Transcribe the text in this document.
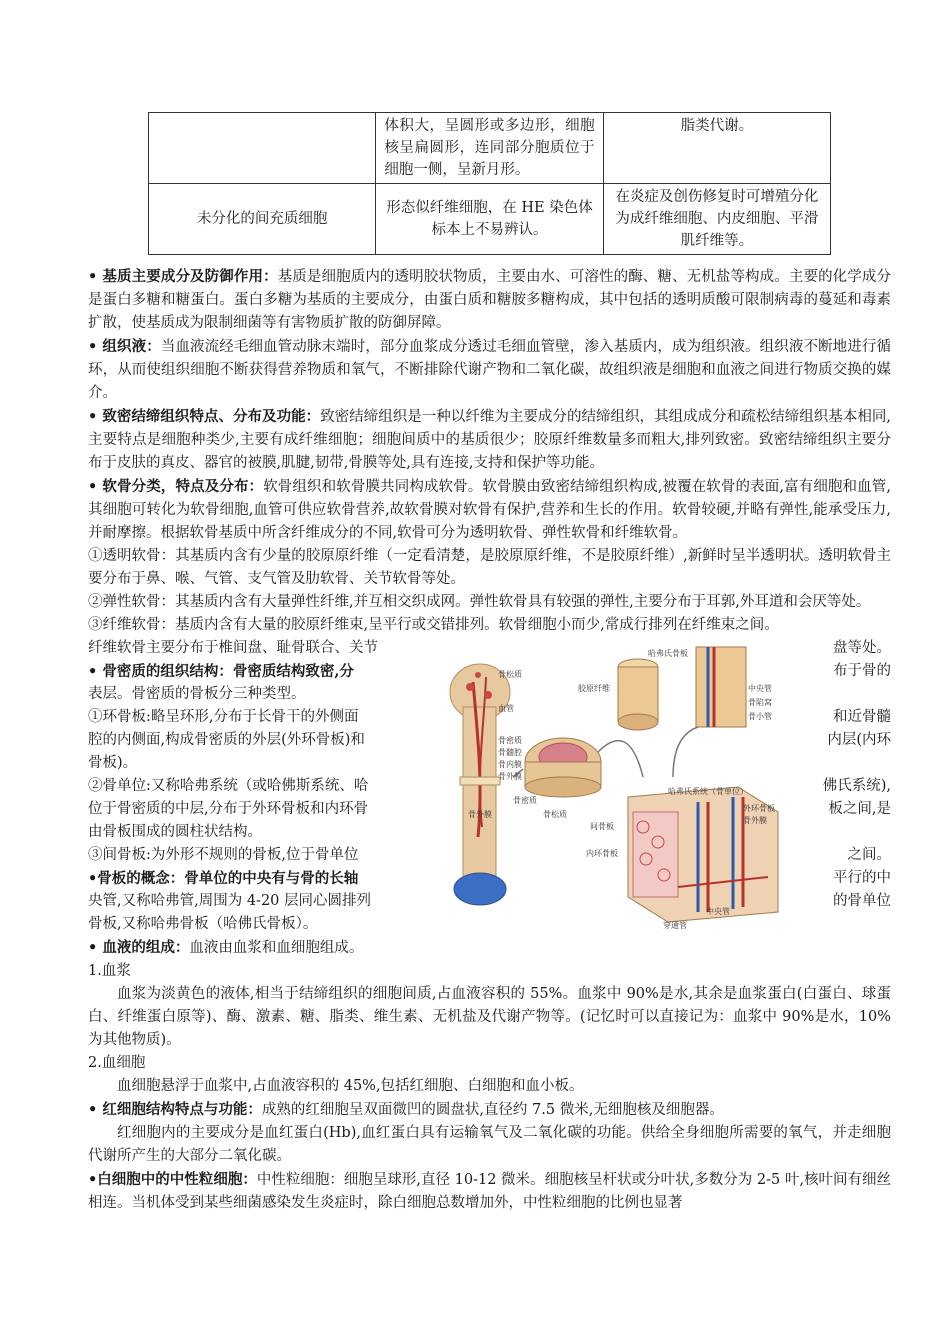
	体积大，呈圆形或多边形，细胞核呈扁圆形，连同部分胞质位于细胞一侧，呈新月形。	脂类代谢。
未分化的间充质细胞	形态似纤维细胞，在 HE 染色体标本上不易辨认。	在炎症及创伤修复时可增殖分化为成纤维细胞、内皮细胞、平滑肌纤维等。

• 基质主要成分及防御作用：基质是细胞质内的透明胶状物质，主要由水、可溶性的酶、糖、无机盐等构成。主要的化学成分是蛋白多糖和糖蛋白。蛋白多糖为基质的主要成分，由蛋白质和糖胺多糖构成，其中包括的透明质酸可限制病毒的蔓延和毒素扩散，使基质成为限制细菌等有害物质扩散的防御屏障。

• 组织液：当血液流经毛细血管动脉末端时，部分血浆成分透过毛细血管壁，渗入基质内，成为组织液。组织液不断地进行循环，从而使组织细胞不断获得营养物质和氧气，不断排除代谢产物和二氧化碳，故组织液是细胞和血液之间进行物质交换的媒介。

• 致密结缔组织特点、分布及功能：致密结缔组织是一种以纤维为主要成分的结缔组织，其组成成分和疏松结缔组织基本相同,主要特点是细胞种类少,主要有成纤维细胞；细胞间质中的基质很少；胶原纤维数量多而粗大,排列致密。致密结缔组织主要分布于皮肤的真皮、器官的被膜,肌腱,韧带,骨膜等处,具有连接,支持和保护等功能。

• 软骨分类，特点及分布：软骨组织和软骨膜共同构成软骨。软骨膜由致密结缔组织构成,被覆在软骨的表面,富有细胞和血管,其细胞可转化为软骨细胞,血管可供应软骨营养,故软骨膜对软骨有保护,营养和生长的作用。软骨较硬,并略有弹性,能承受压力,并耐摩擦。根据软骨基质中所含纤维成分的不同,软骨可分为透明软骨、弹性软骨和纤维软骨。

①透明软骨：其基质内含有少量的胶原原纤维（一定看清楚，是胶原原纤维，不是胶原纤维）,新鲜时呈半透明状。透明软骨主要分布于鼻、喉、气管、支气管及肋软骨、关节软骨等处。

②弹性软骨：其基质内含有大量弹性纤维,并互相交织成网。弹性软骨具有较强的弹性,主要分布于耳郭,外耳道和会厌等处。

③纤维软骨：基质内含有大量的胶原纤维束,呈平行或交错排列。软骨细胞小而少,常成行排列在纤维束之间。

纤维软骨主要分布于椎间盘、耻骨联合、关节
• 骨密质的组织结构：骨密质结构致密,分
表层。骨密质的骨板分三种类型。
①环骨板:略呈环形,分布于长骨干的外侧面
腔的内侧面,构成骨密质的外层(外环骨板)和
骨板)。
②骨单位:又称哈弗系统（或哈佛斯系统、哈
位于骨密质的中层,分布于外环骨板和内环骨
由骨板围成的圆柱状结构。
③间骨板:为外形不规则的骨板,位于骨单位
•骨板的概念：骨单位的中央有与骨的长轴
央管,又称哈弗管,周围为 4-20 层同心圆排列
骨板,又称哈弗骨板（哈佛氏骨板）。
骨松质
血管
骨密质
骨髓腔
骨内膜
骨外膜
骨密质
骨松质
骨外膜
哈弗氏骨板
胶原纤维	中央管
骨陷窝
骨小管
哈弗氏系统（骨单位）
外环骨板
骨外膜
间骨板
内环骨板
穿通管
中央管
盘等处。
布于骨的
和近骨髓
内层(内环
佛氏系统),
板之间,是
之间。
平行的中
的骨单位

• 血液的组成：血液由血浆和血细胞组成。

1.血浆

血浆为淡黄色的液体,相当于结缔组织的细胞间质,占血液容积的 55%。血浆中 90%是水,其余是血浆蛋白(白蛋白、球蛋白、纤维蛋白原等)、酶、激素、糖、脂类、维生素、无机盐及代谢产物等。(记忆时可以直接记为：血浆中 90%是水，10%为其他物质)。

2.血细胞

血细胞悬浮于血浆中,占血液容积的 45%,包括红细胞、白细胞和血小板。

• 红细胞结构特点与功能：成熟的红细胞呈双面微凹的圆盘状,直径约 7.5 微米,无细胞核及细胞器。

红细胞内的主要成分是血红蛋白(Hb),血红蛋白具有运输氧气及二氧化碳的功能。供给全身细胞所需要的氧气，并走细胞代谢所产生的大部分二氧化碳。

•白细胞中的中性粒细胞：中性粒细胞：细胞呈球形,直径 10-12 微米。细胞核呈杆状或分叶状,多数分为 2-5 叶,核叶间有细丝相连。当机体受到某些细菌感染发生炎症时，除白细胞总数增加外，中性粒细胞的比例也显著
